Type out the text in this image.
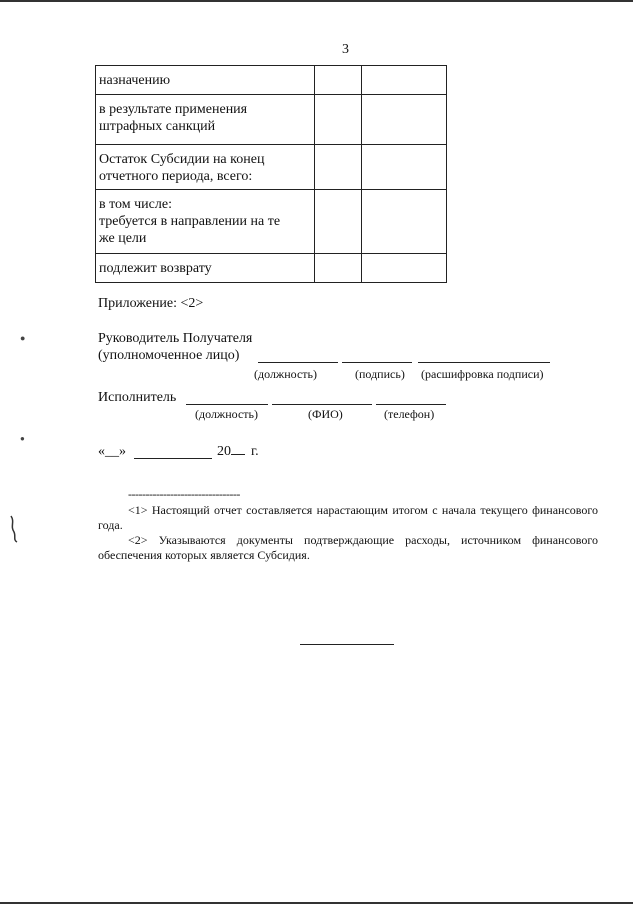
3
назначению		
в результате применения
штрафных санкций		
Остаток Субсидии на конец
отчетного периода, всего:		
в том числе:
требуется в направлении на те
же цели		
подлежит возврату		
Приложение: <2>
Руководитель Получателя
(уполномоченное лицо)
(должность)	(подпись) (расшифровка подписи)
Исполнитель
(должность)	(ФИО)	(телефон)
«__»	20	г.
--------------------------------

<1> Настоящий отчет составляется нарастающим итогом с начала текущего финансового года.

<2> Указываются документы подтверждающие расходы, источником финансового обеспечения которых является Субсидия.

●
●
